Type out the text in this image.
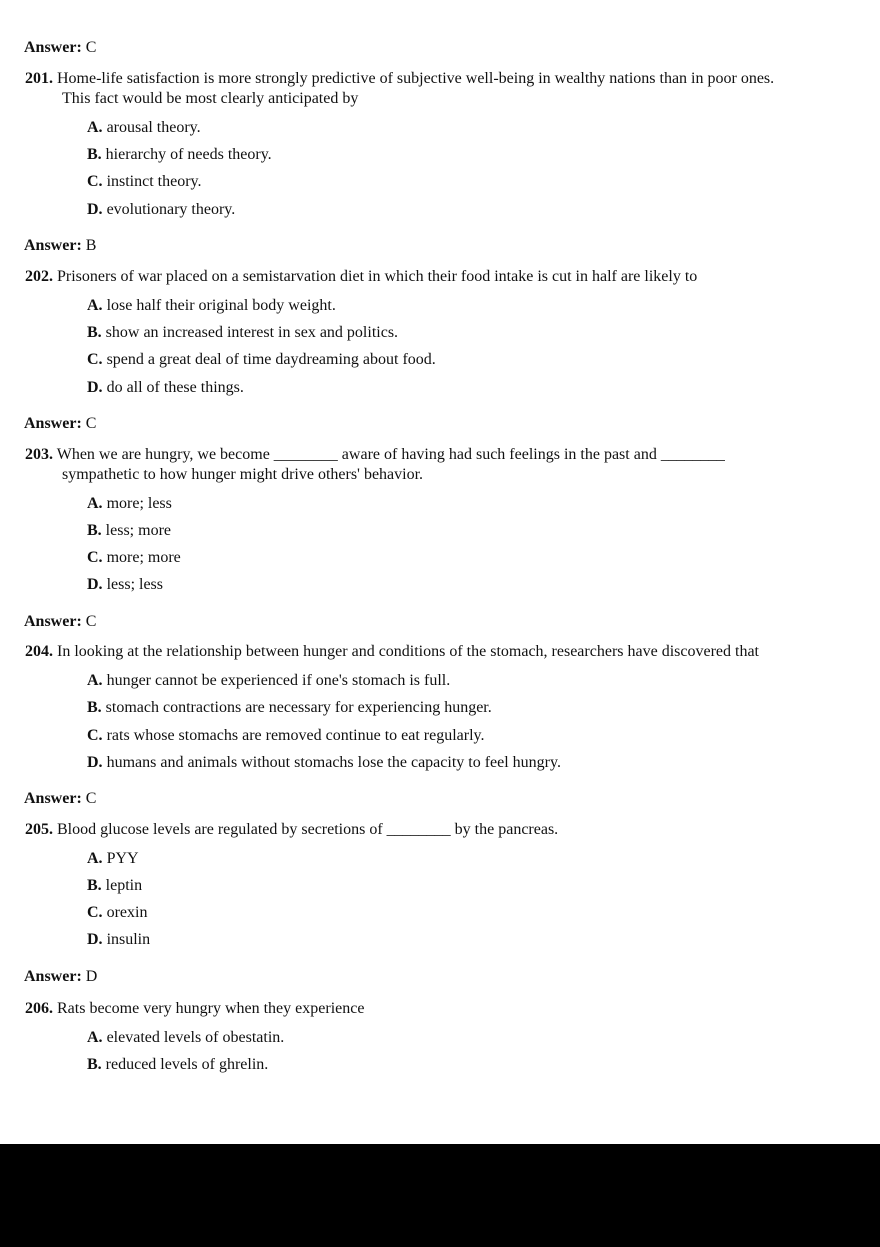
Answer: C
201. Home-life satisfaction is more strongly predictive of subjective well-being in wealthy nations than in poor ones.
This fact would be most clearly anticipated by
A. arousal theory.
B. hierarchy of needs theory.
C. instinct theory.
D. evolutionary theory.
Answer: B
202. Prisoners of war placed on a semistarvation diet in which their food intake is cut in half are likely to
A. lose half their original body weight.
B. show an increased interest in sex and politics.
C. spend a great deal of time daydreaming about food.
D. do all of these things.
Answer: C
203. When we are hungry, we become ________ aware of having had such feelings in the past and ________
sympathetic to how hunger might drive others' behavior.
A. more; less
B. less; more
C. more; more
D. less; less
Answer: C
204. In looking at the relationship between hunger and conditions of the stomach, researchers have discovered that
A. hunger cannot be experienced if one's stomach is full.
B. stomach contractions are necessary for experiencing hunger.
C. rats whose stomachs are removed continue to eat regularly.
D. humans and animals without stomachs lose the capacity to feel hungry.
Answer: C
205. Blood glucose levels are regulated by secretions of ________ by the pancreas.
A. PYY
B. leptin
C. orexin
D. insulin
Answer: D
206. Rats become very hungry when they experience
A. elevated levels of obestatin.
B. reduced levels of ghrelin.
